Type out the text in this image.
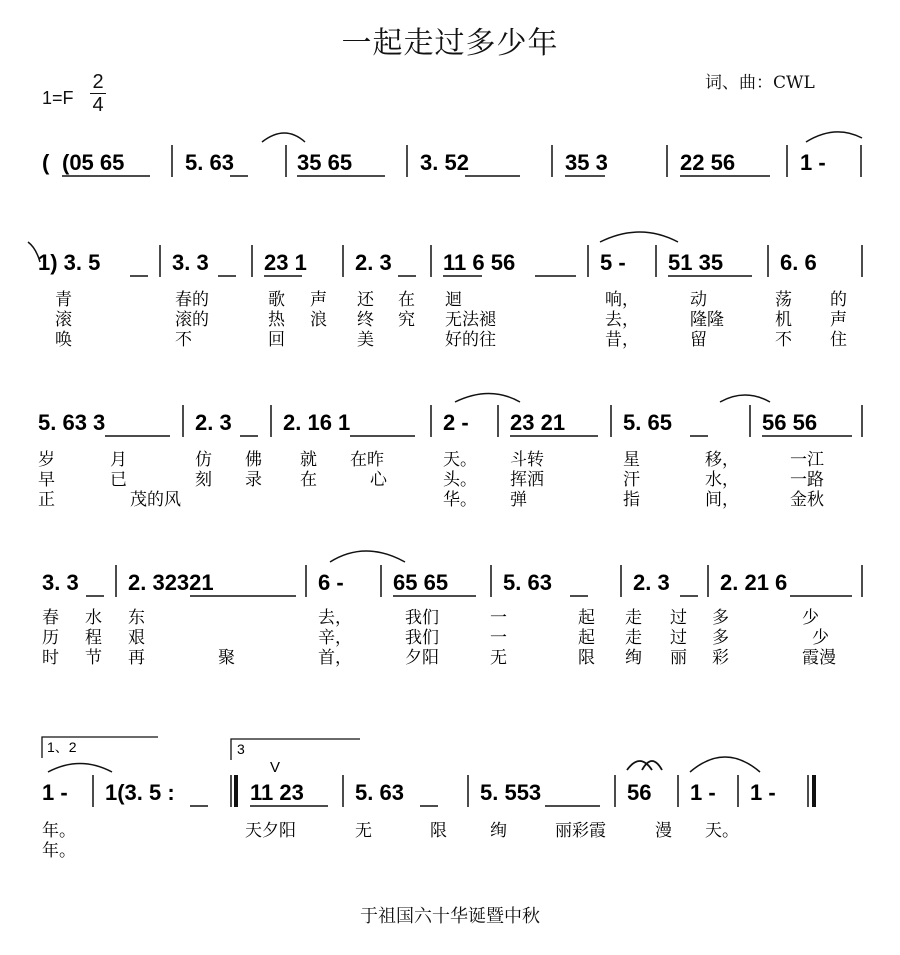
一起走过多少年
词、曲：CWL
1=F
2
4
( (05 65	5. 63	35 65	3. 52	35 3	22 56	1 -
1) 3. 5	3. 3	23 1 2. 3 11 6 56	5 - 51 35	6. 6
青	春的	歌 声 还 在 迴	响，	动	荡 的
滚	滚的	热 浪 终 究 无法褪	去，	隆隆	机 声
唤	不	回	美	好的往	昔，	留	不 住
5. 63 3	2. 3 2. 16 1	2 - 23 21	5. 65	56 56
岁	月	仿 佛 就 在昨	天。 斗转	星	移，	一江
早	已	刻 录 在	心	头。 挥洒	汗	水，	一路
正	茂的风	华。 弹	指	间，	金秋
3. 3 2. 32321	6 - 65 65 5. 63	2. 3 2. 21 6
春 水 东	去，	我们	一	起 走 过 多	少
历 程 艰	辛，	我们	一	起 走 过 多	少
时 节 再	聚	首，	夕阳	无	限 绚 丽 彩	霞漫
1、2	3
V
1 - 1(3. 5 :	11 23 5. 63	5. 553	56 1 - 1 -
年。	天夕阳	无	限	绚	丽彩霞	漫 天。
年。
于祖国六十华诞暨中秋
